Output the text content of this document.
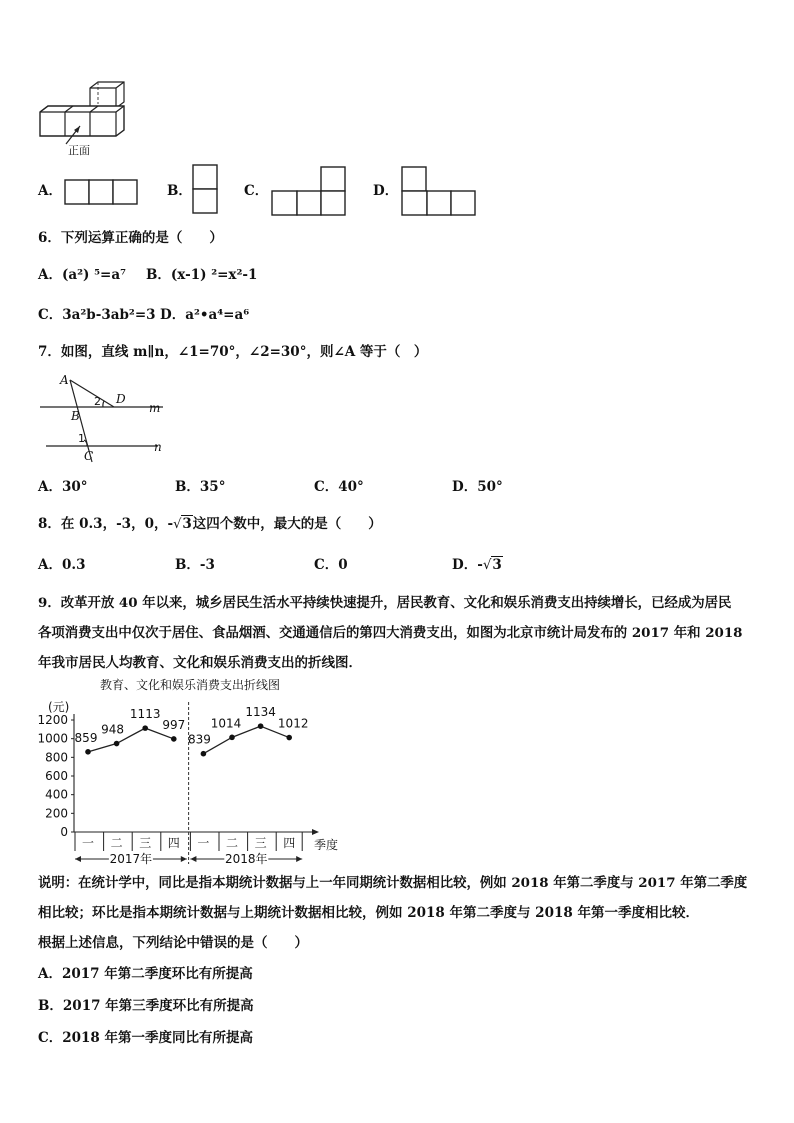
正面
A．	B．	C．	D．
6．下列运算正确的是（　　）
A．(a²) ⁵=a⁷ B．(x-1) ²=x²-1
C．3a²b-3ab²=3 D．a²•a⁴=a⁶
7．如图，直线 m∥n，∠1=70°，∠2=30°，则∠A 等于（　）
A
B
C
D
m
n
1
2
A．30°	B．35°	C．40°	D．50°
8．在 0.3，-3，0，-√3这四个数中，最大的是（　　）
A．0.3	B．-3	C．0	D．-√3
9．改革开放 40 年以来，城乡居民生活水平持续快速提升，居民教育、文化和娱乐消费支出持续增长，已经成为居民
各项消费支出中仅次于居住、食品烟酒、交通通信后的第四大消费支出，如图为北京市统计局发布的 2017 年和 2018
年我市居民人均教育、文化和娱乐消费支出的折线图．
教育、文化和娱乐消费支出折线图
(元)
季度
0
200
400
600
800
1000
1200
859
948
1113
997
839
1014
1134
1012
一 二 三 四 一 二 三 四
2017年	2018年
说明：在统计学中，同比是指本期统计数据与上一年同期统计数据相比较，例如 2018 年第二季度与 2017 年第二季度
相比较；环比是指本期统计数据与上期统计数据相比较，例如 2018 年第二季度与 2018 年第一季度相比较．
根据上述信息，下列结论中错误的是（　　）
A．2017 年第二季度环比有所提高
B．2017 年第三季度环比有所提高
C．2018 年第一季度同比有所提高
